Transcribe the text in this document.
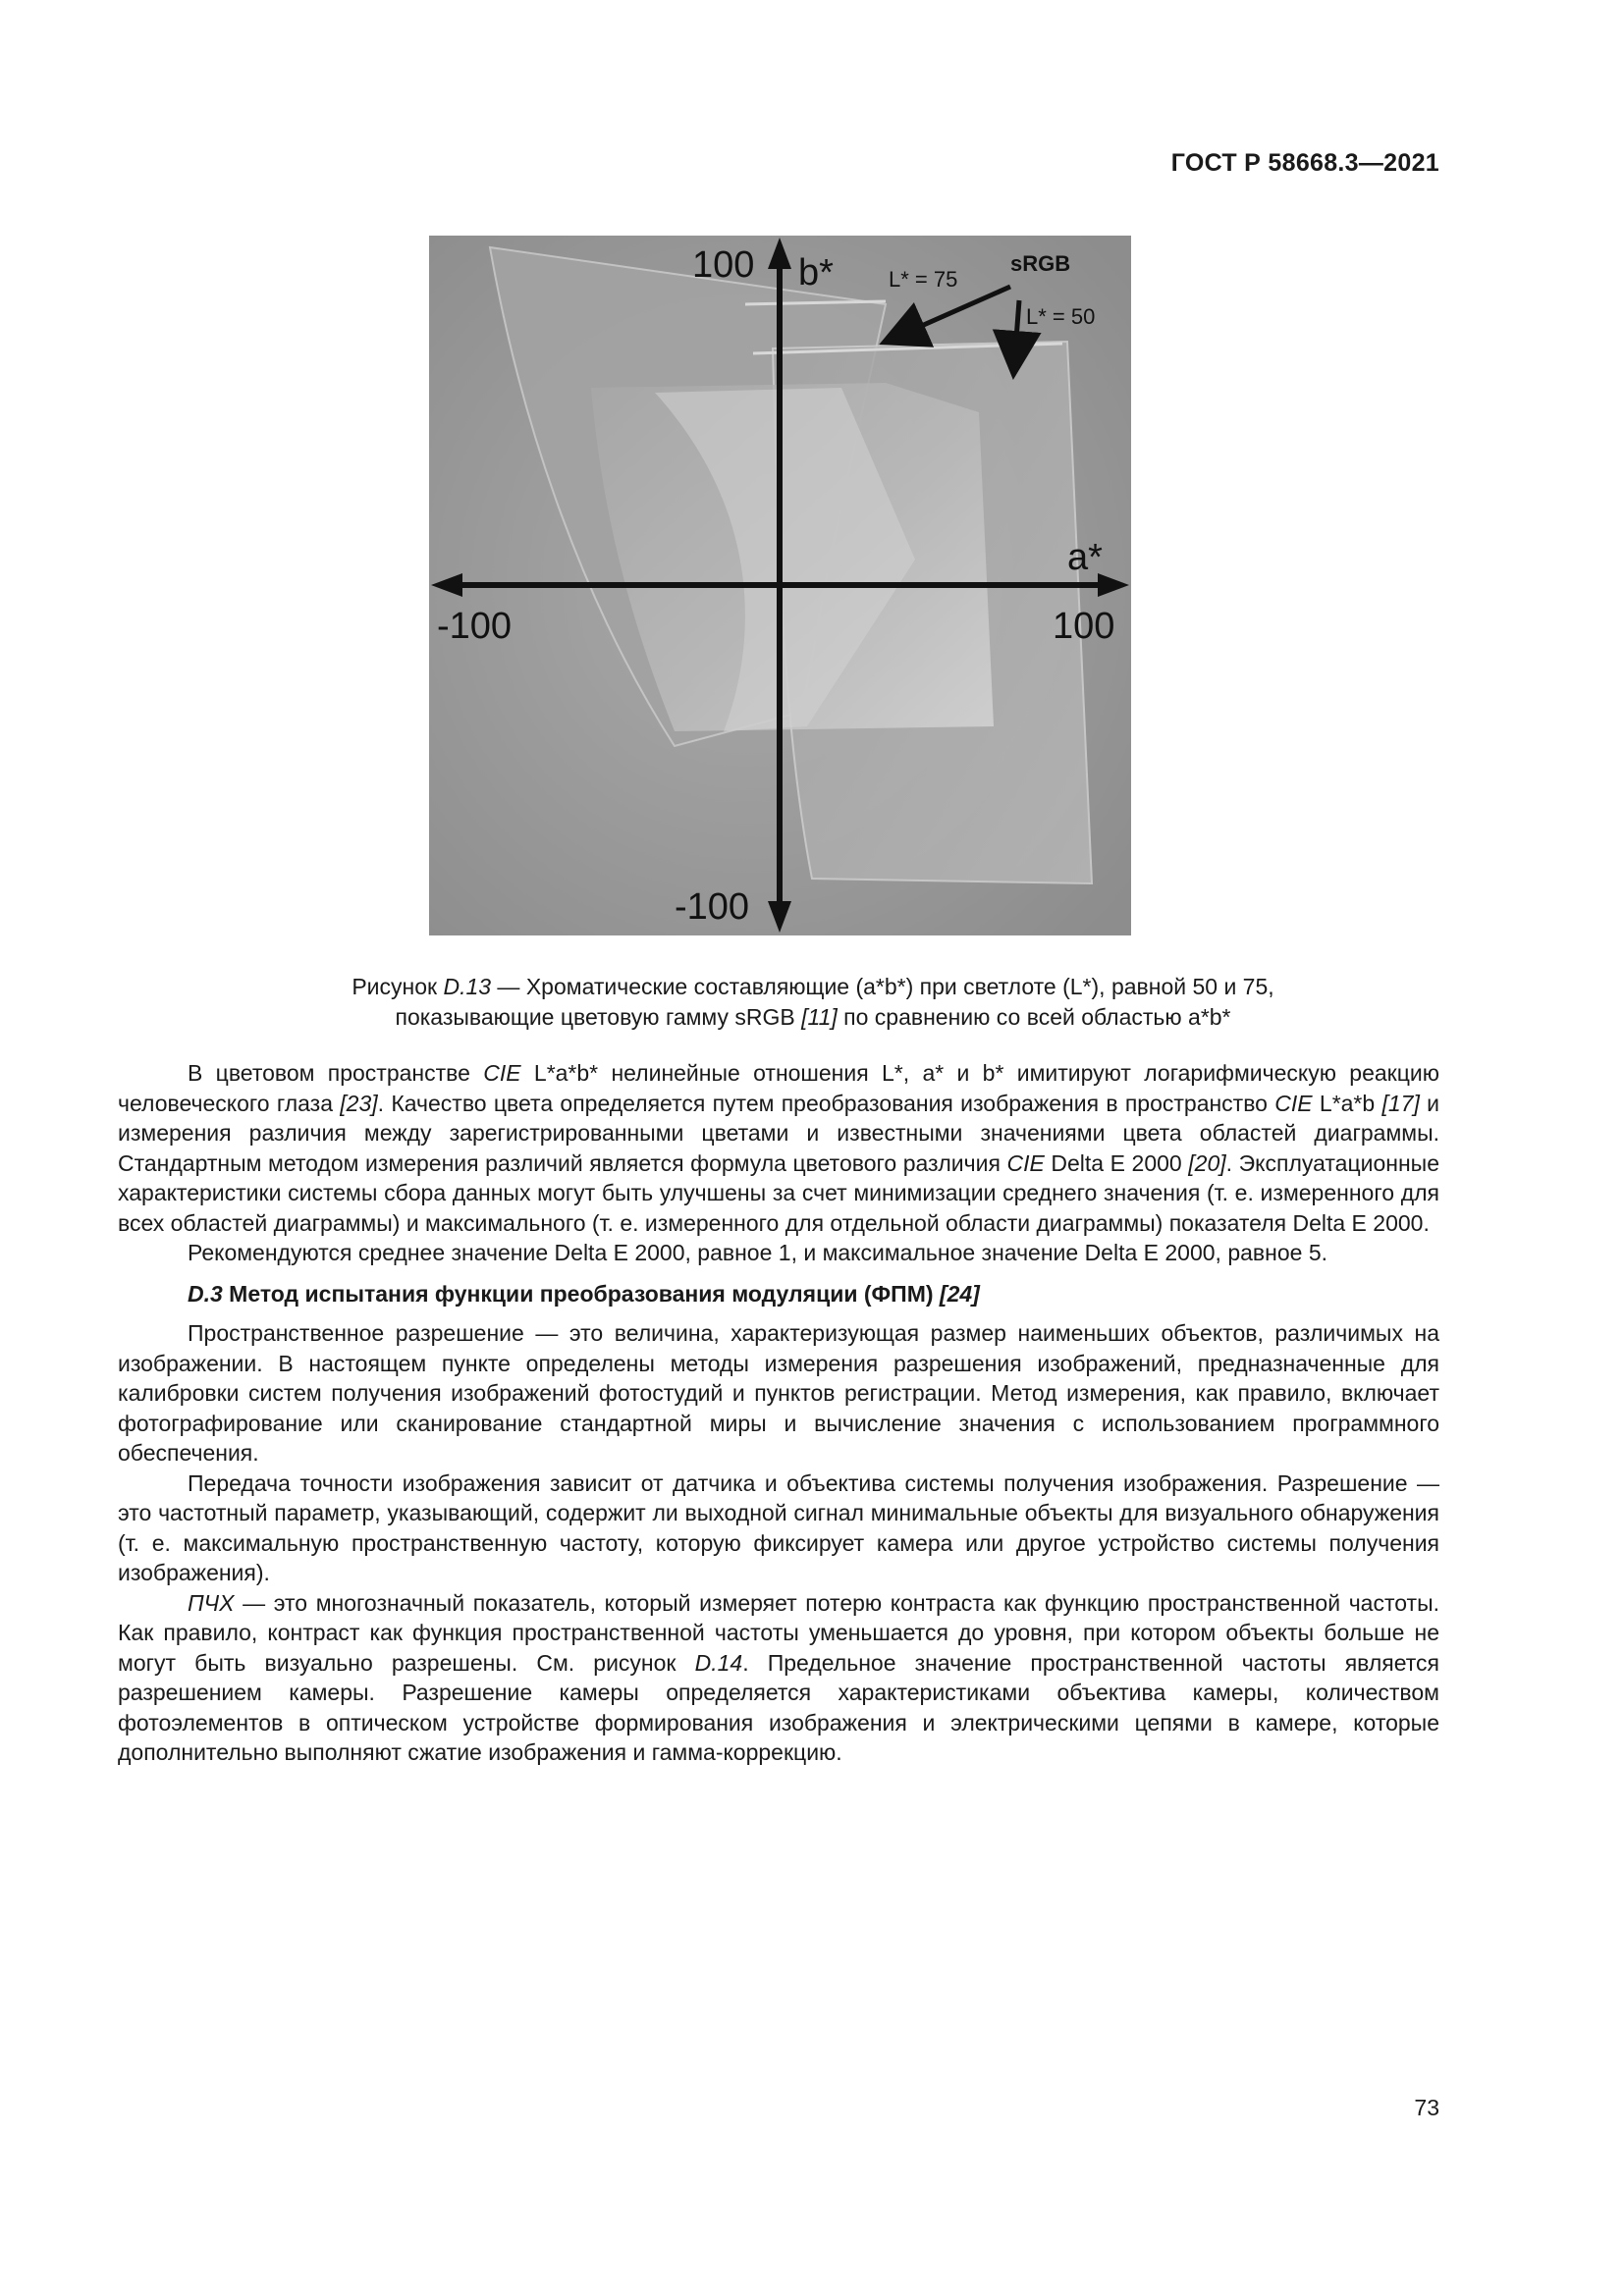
ГОСТ Р 58668.3—2021
100 b*
a*
-100	100
-100
L* = 75
sRGB
L* = 50
Рисунок D.13 — Хроматические составляющие (a*b*) при светлоте (L*), равной 50 и 75,
показывающие цветовую гамму sRGB [11] по сравнению со всей областью a*b*

В цветовом пространстве CIE L*a*b* нелинейные отношения L*, a* и b* имитируют логарифмическую реакцию человеческого глаза [23]. Качество цвета определяется путем преобразования изображения в пространство CIE L*a*b [17] и измерения различия между зарегистрированными цветами и известными значениями цвета областей диаграммы. Стандартным методом измерения различий является формула цветового различия CIE Delta E 2000 [20]. Эксплуатационные характеристики системы сбора данных могут быть улучшены за счет минимизации среднего значения (т. е. измеренного для всех областей диаграммы) и максимального (т. е. измеренного для отдельной области диаграммы) показателя Delta E 2000.

Рекомендуются среднее значение Delta E 2000, равное 1, и максимальное значение Delta E 2000, равное 5.

D.3 Метод испытания функции преобразования модуляции (ФПМ) [24]

Пространственное разрешение — это величина, характеризующая размер наименьших объектов, различимых на изображении. В настоящем пункте определены методы измерения разрешения изображений, предназначенные для калибровки систем получения изображений фотостудий и пунктов регистрации. Метод измерения, как правило, включает фотографирование или сканирование стандартной миры и вычисление значения с использованием программного обеспечения.

Передача точности изображения зависит от датчика и объектива системы получения изображения. Разрешение — это частотный параметр, указывающий, содержит ли выходной сигнал минимальные объекты для визуального обнаружения (т. е. максимальную пространственную частоту, которую фиксирует камера или другое устройство системы получения изображения).

ПЧХ — это многозначный показатель, который измеряет потерю контраста как функцию пространственной частоты. Как правило, контраст как функция пространственной частоты уменьшается до уровня, при котором объекты больше не могут быть визуально разрешены. См. рисунок D.14. Предельное значение пространственной частоты является разрешением камеры. Разрешение камеры определяется характеристиками объектива камеры, количеством фотоэлементов в оптическом устройстве формирования изображения и электрическими цепями в камере, которые дополнительно выполняют сжатие изображения и гамма-коррекцию.

73
